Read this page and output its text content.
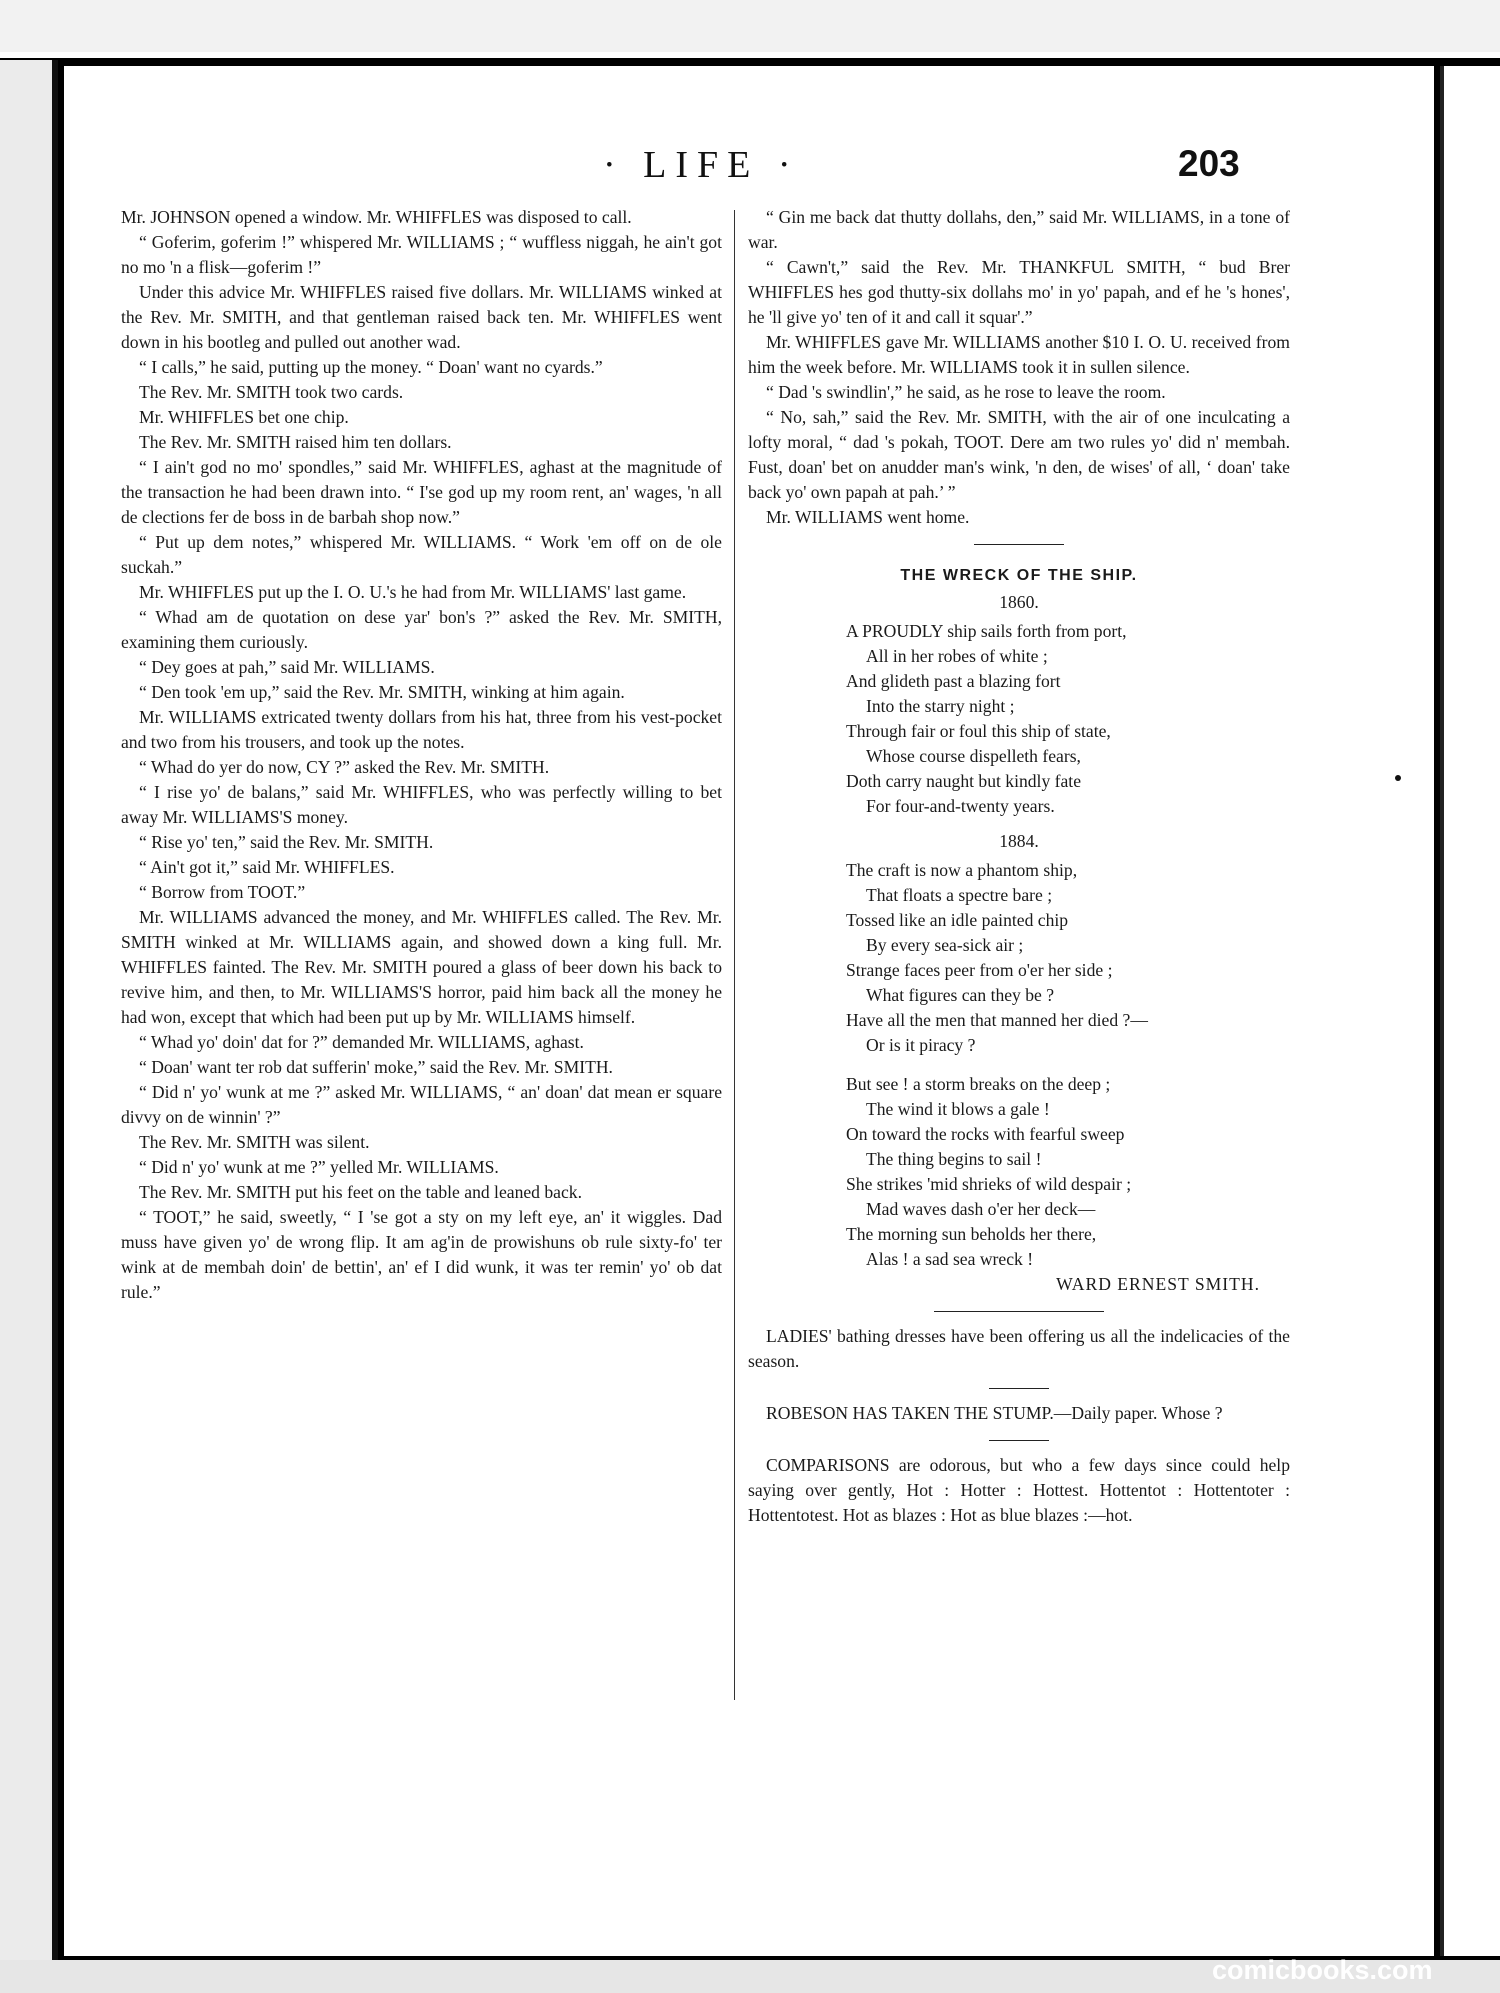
· LIFE ·	203

Mr. JOHNSON opened a window. Mr. WHIFFLES was disposed to call.

“ Goferim, goferim !” whispered Mr. WILLIAMS ; “ wuffless niggah, he ain't got no mo 'n a flisk—goferim !”

Under this advice Mr. WHIFFLES raised five dollars. Mr. WILLIAMS winked at the Rev. Mr. SMITH, and that gentleman raised back ten. Mr. WHIFFLES went down in his bootleg and pulled out another wad.

“ I calls,” he said, putting up the money. “ Doan' want no cyards.”

The Rev. Mr. SMITH took two cards.

Mr. WHIFFLES bet one chip.

The Rev. Mr. SMITH raised him ten dollars.

“ I ain't god no mo' spondles,” said Mr. WHIFFLES, aghast at the magnitude of the transaction he had been drawn into. “ I'se god up my room rent, an' wages, 'n all de clections fer de boss in de barbah shop now.”

“ Put up dem notes,” whispered Mr. WILLIAMS. “ Work 'em off on de ole suckah.”

Mr. WHIFFLES put up the I. O. U.'s he had from Mr. WILLIAMS' last game.

“ Whad am de quotation on dese yar' bon's ?” asked the Rev. Mr. SMITH, examining them curiously.

“ Dey goes at pah,” said Mr. WILLIAMS.

“ Den took 'em up,” said the Rev. Mr. SMITH, winking at him again.

Mr. WILLIAMS extricated twenty dollars from his hat, three from his vest-pocket and two from his trousers, and took up the notes.

“ Whad do yer do now, CY ?” asked the Rev. Mr. SMITH.

“ I rise yo' de balans,” said Mr. WHIFFLES, who was perfectly willing to bet away Mr. WILLIAMS'S money.

“ Rise yo' ten,” said the Rev. Mr. SMITH.

“ Ain't got it,” said Mr. WHIFFLES.

“ Borrow from TOOT.”

Mr. WILLIAMS advanced the money, and Mr. WHIFFLES called. The Rev. Mr. SMITH winked at Mr. WILLIAMS again, and showed down a king full. Mr. WHIFFLES fainted. The Rev. Mr. SMITH poured a glass of beer down his back to revive him, and then, to Mr. WILLIAMS'S horror, paid him back all the money he had won, except that which had been put up by Mr. WILLIAMS himself.

“ Whad yo' doin' dat for ?” demanded Mr. WILLIAMS, aghast.

“ Doan' want ter rob dat sufferin' moke,” said the Rev. Mr. SMITH.

“ Did n' yo' wunk at me ?” asked Mr. WILLIAMS, “ an' doan' dat mean er square divvy on de winnin' ?”

The Rev. Mr. SMITH was silent.

“ Did n' yo' wunk at me ?” yelled Mr. WILLIAMS.

The Rev. Mr. SMITH put his feet on the table and leaned back.

“ TOOT,” he said, sweetly, “ I 'se got a sty on my left eye, an' it wiggles. Dad muss have given yo' de wrong flip. It am ag'in de prowishuns ob rule sixty-fo' ter wink at de membah doin' de bettin', an' ef I did wunk, it was ter remin' yo' ob dat rule.”

“ Gin me back dat thutty dollahs, den,” said Mr. WILLIAMS, in a tone of war.

“ Cawn't,” said the Rev. Mr. THANKFUL SMITH, “ bud Brer WHIFFLES hes god thutty-six dollahs mo' in yo' papah, and ef he 's hones', he 'll give yo' ten of it and call it squar'.”

Mr. WHIFFLES gave Mr. WILLIAMS another $10 I. O. U. received from him the week before. Mr. WILLIAMS took it in sullen silence.

“ Dad 's swindlin',” he said, as he rose to leave the room.

“ No, sah,” said the Rev. Mr. SMITH, with the air of one inculcating a lofty moral, “ dad 's pokah, TOOT. Dere am two rules yo' did n' membah. Fust, doan' bet on anudder man's wink, 'n den, de wises' of all, ‘ doan' take back yo' own papah at pah.’ ”

Mr. WILLIAMS went home.

THE WRECK OF THE SHIP.
1860.
A PROUDLY ship sails forth from port,
All in her robes of white ;
And glideth past a blazing fort
Into the starry night ;
Through fair or foul this ship of state,
Whose course dispelleth fears,
Doth carry naught but kindly fate
For four-and-twenty years.
1884.
The craft is now a phantom ship,
That floats a spectre bare ;
Tossed like an idle painted chip
By every sea-sick air ;
Strange faces peer from o'er her side ;
What figures can they be ?
Have all the men that manned her died ?—
Or is it piracy ?
But see ! a storm breaks on the deep ;
The wind it blows a gale !
On toward the rocks with fearful sweep
The thing begins to sail !
She strikes 'mid shrieks of wild despair ;
Mad waves dash o'er her deck—
The morning sun beholds her there,
Alas ! a sad sea wreck !
WARD ERNEST SMITH.

LADIES' bathing dresses have been offering us all the indelicacies of the season.

ROBESON HAS TAKEN THE STUMP.—Daily paper. Whose ?

COMPARISONS are odorous, but who a few days since could help saying over gently, Hot : Hotter : Hottest. Hottentot : Hottentoter : Hottentotest. Hot as blazes : Hot as blue blazes :—hot.

comicbooks.com
